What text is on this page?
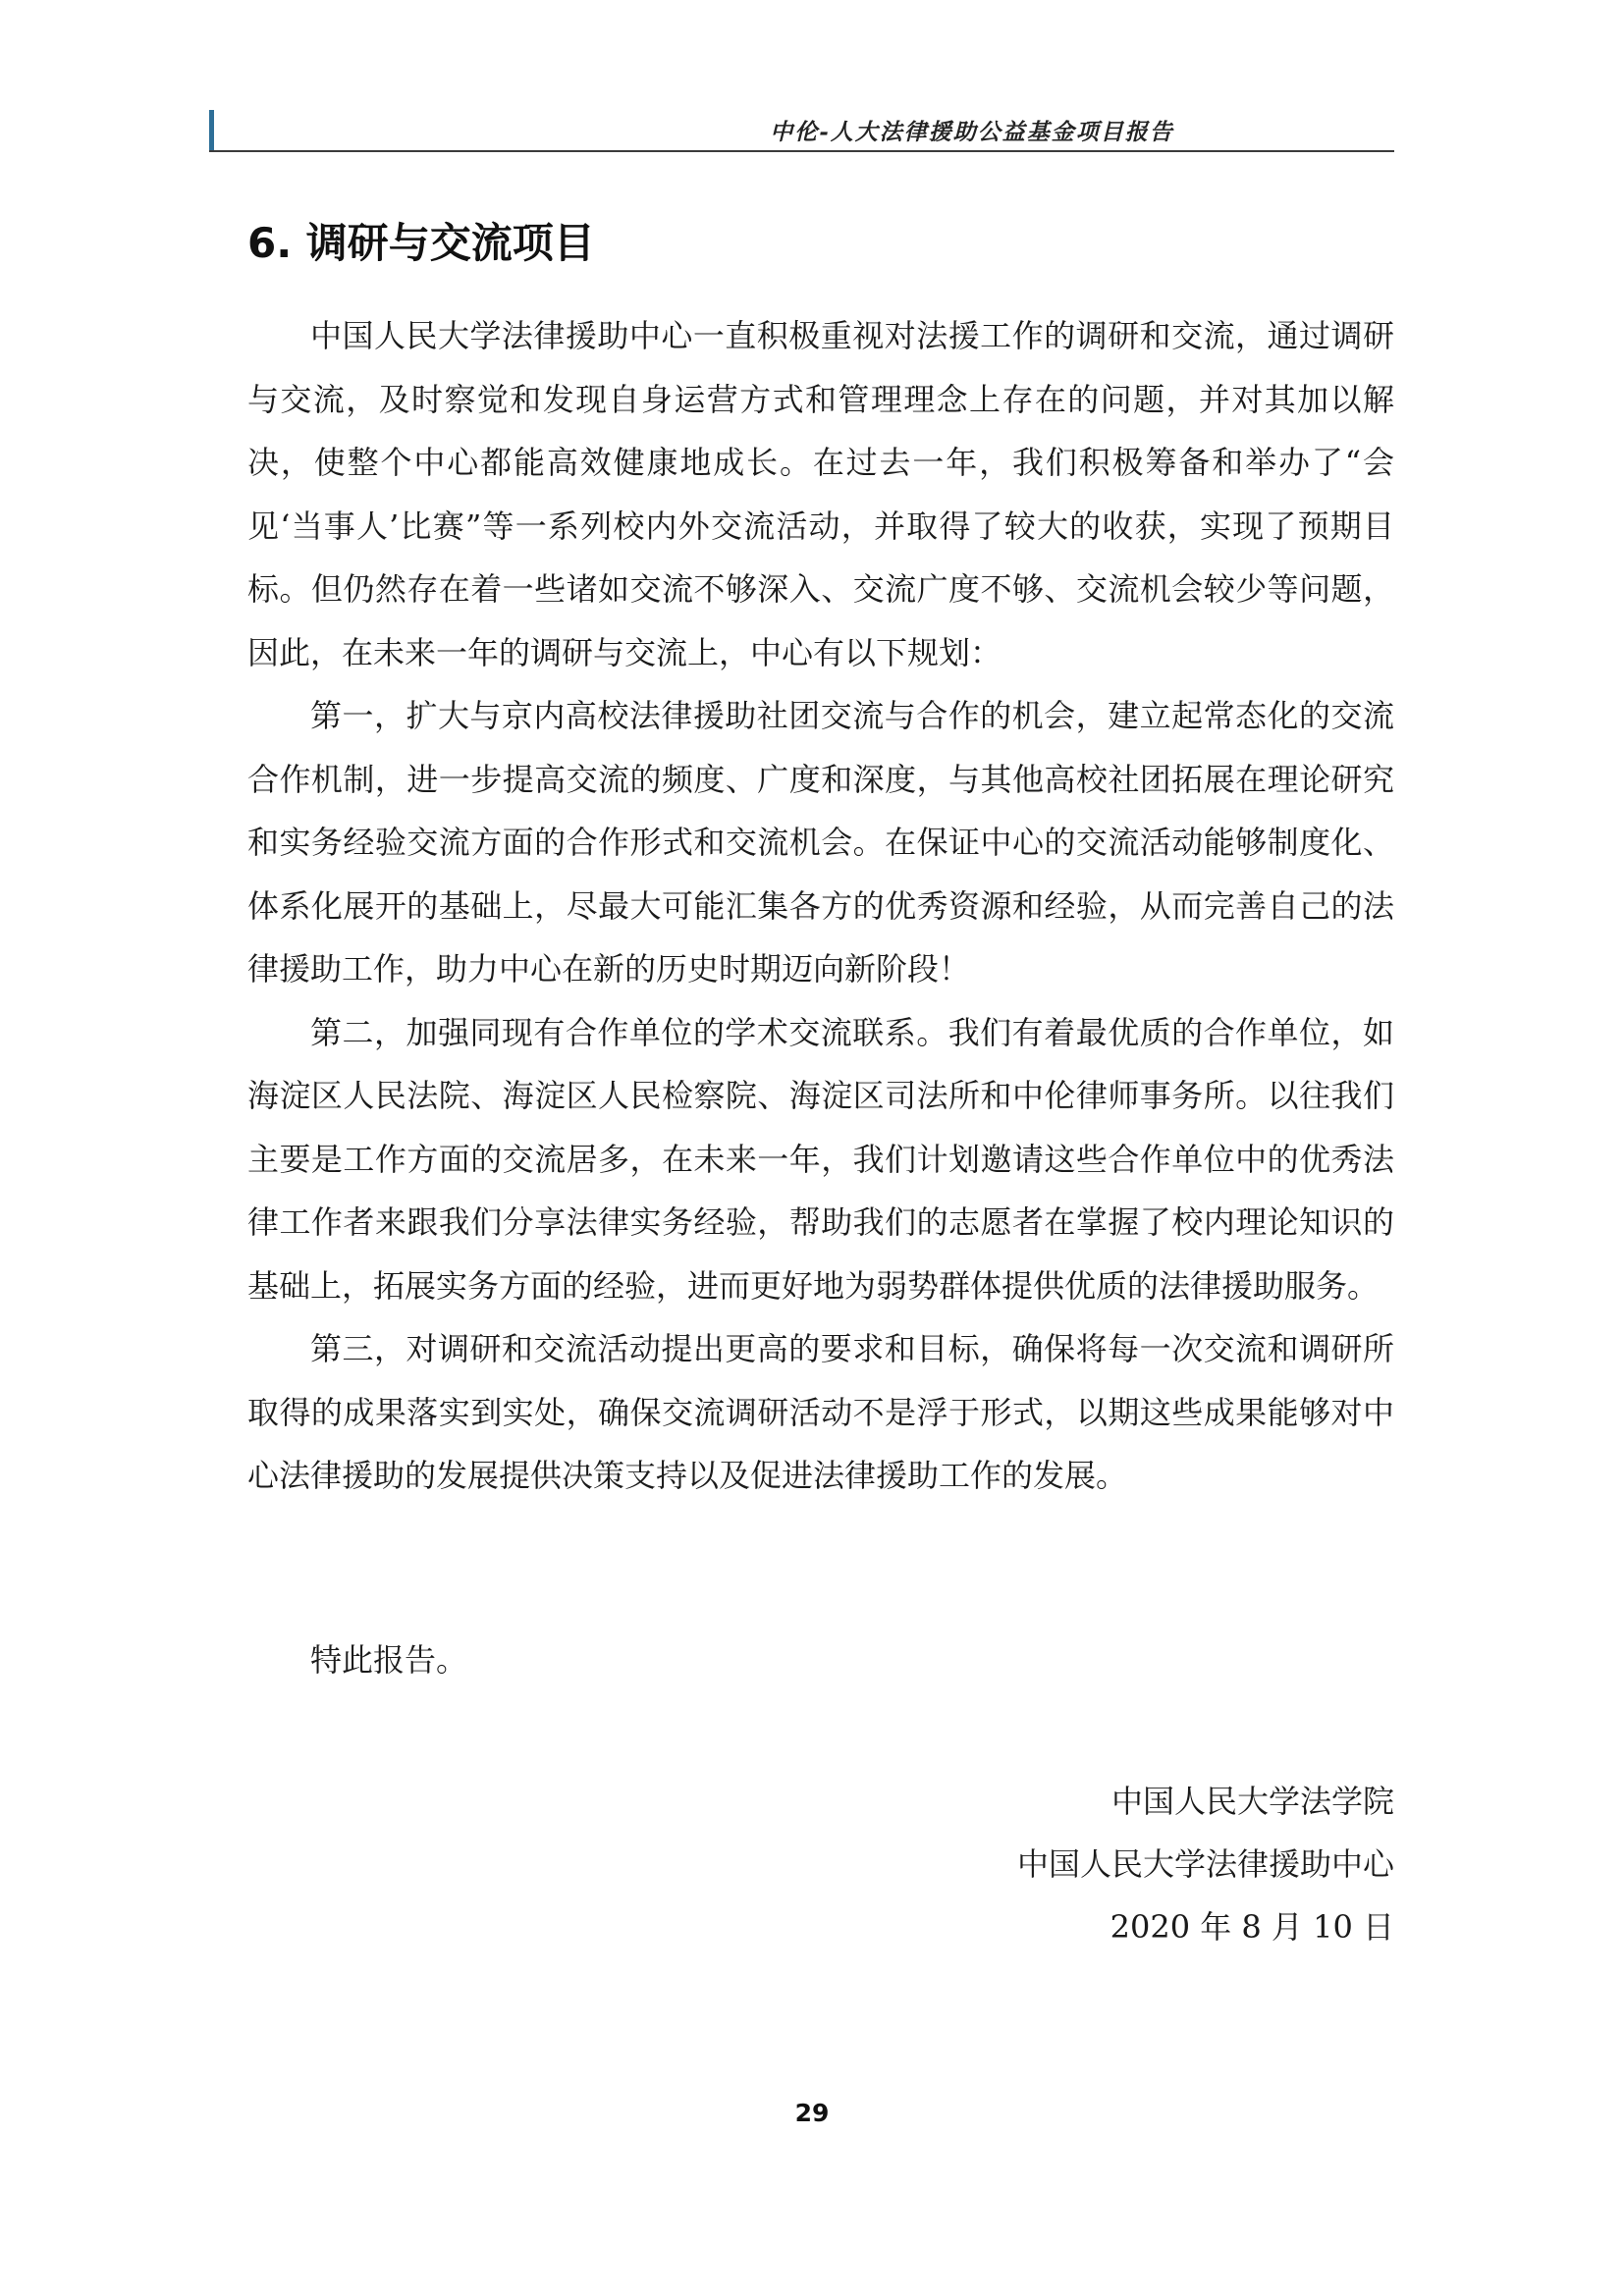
中伦-人大法律援助公益基金项目报告
6. 调研与交流项目

中国人民大学法律援助中心一直积极重视对法援工作的调研和交流，通过调研与交流，及时察觉和发现自身运营方式和管理理念上存在的问题，并对其加以解决，使整个中心都能高效健康地成长。在过去一年，我们积极筹备和举办了“会见‘当事人’比赛”等一系列校内外交流活动，并取得了较大的收获，实现了预期目标。但仍然存在着一些诸如交流不够深入、交流广度不够、交流机会较少等问题，因此，在未来一年的调研与交流上，中心有以下规划：

第一，扩大与京内高校法律援助社团交流与合作的机会，建立起常态化的交流合作机制，进一步提高交流的频度、广度和深度，与其他高校社团拓展在理论研究和实务经验交流方面的合作形式和交流机会。在保证中心的交流活动能够制度化、体系化展开的基础上，尽最大可能汇集各方的优秀资源和经验，从而完善自己的法律援助工作，助力中心在新的历史时期迈向新阶段！

第二，加强同现有合作单位的学术交流联系。我们有着最优质的合作单位，如海淀区人民法院、海淀区人民检察院、海淀区司法所和中伦律师事务所。以往我们主要是工作方面的交流居多，在未来一年，我们计划邀请这些合作单位中的优秀法律工作者来跟我们分享法律实务经验，帮助我们的志愿者在掌握了校内理论知识的基础上，拓展实务方面的经验，进而更好地为弱势群体提供优质的法律援助服务。

第三，对调研和交流活动提出更高的要求和目标，确保将每一次交流和调研所取得的成果落实到实处，确保交流调研活动不是浮于形式，以期这些成果能够对中心法律援助的发展提供决策支持以及促进法律援助工作的发展。

特此报告。
中国人民大学法学院
中国人民大学法律援助中心
2020 年 8 月 10 日
29
